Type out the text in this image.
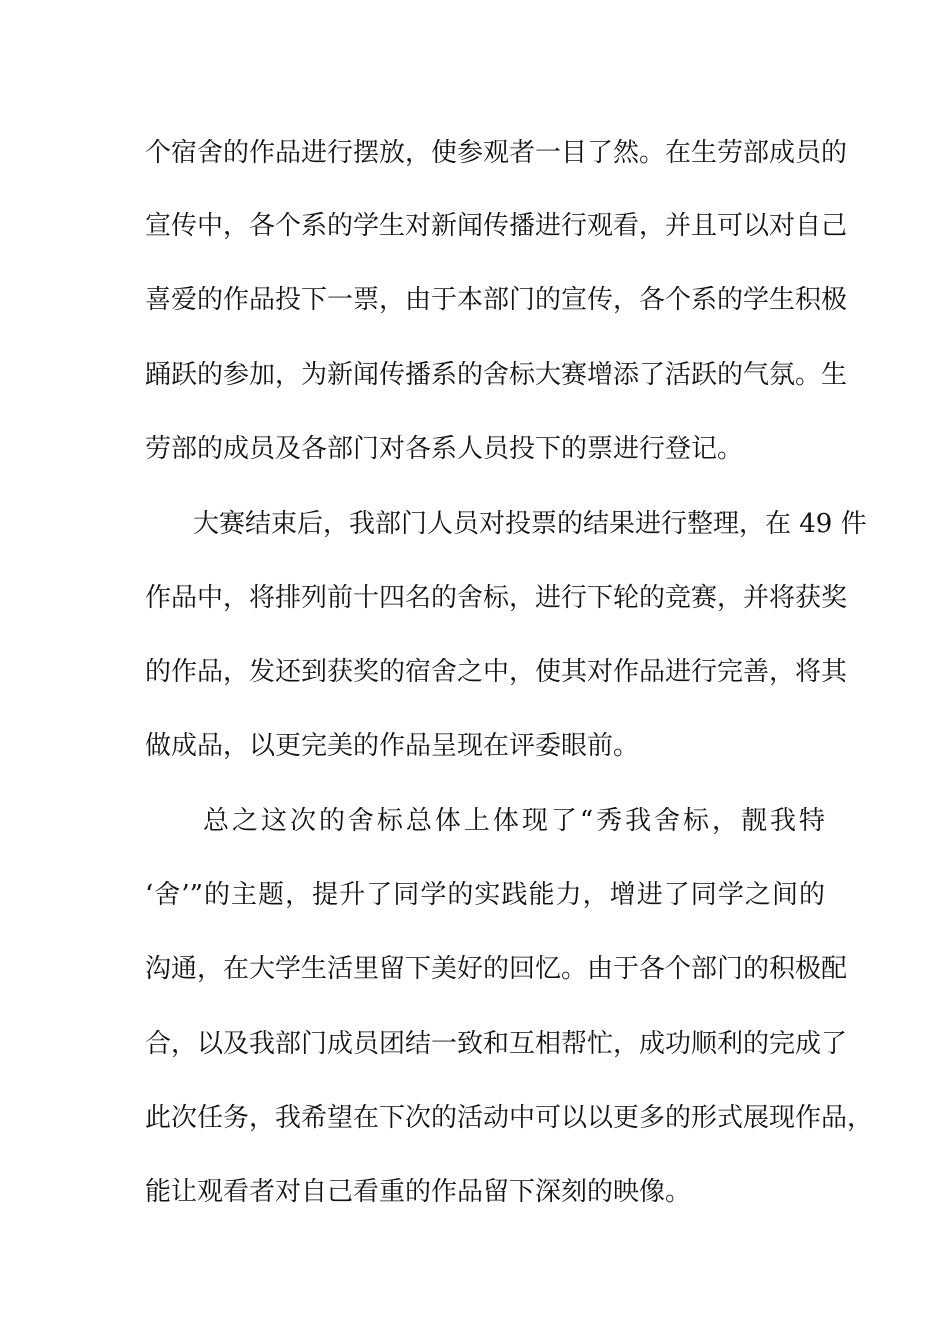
个宿舍的作品进行摆放，使参观者一目了然。在生劳部成员的
宣传中，各个系的学生对新闻传播进行观看，并且可以对自己
喜爱的作品投下一票，由于本部门的宣传，各个系的学生积极
踊跃的参加，为新闻传播系的舍标大赛增添了活跃的气氛。生
劳部的成员及各部门对各系人员投下的票进行登记。
大赛结束后，我部门人员对投票的结果进行整理，在 49 件
作品中，将排列前十四名的舍标，进行下轮的竞赛，并将获奖
的作品，发还到获奖的宿舍之中，使其对作品进行完善，将其
做成品，以更完美的作品呈现在评委眼前。
总之这次的舍标总体上体现了“秀我舍标，靓我特
‘舍’”的主题，提升了同学的实践能力，增进了同学之间的
沟通，在大学生活里留下美好的回忆。由于各个部门的积极配
合，以及我部门成员团结一致和互相帮忙，成功顺利的完成了
此次任务，我希望在下次的活动中可以以更多的形式展现作品，
能让观看者对自己看重的作品留下深刻的映像。
